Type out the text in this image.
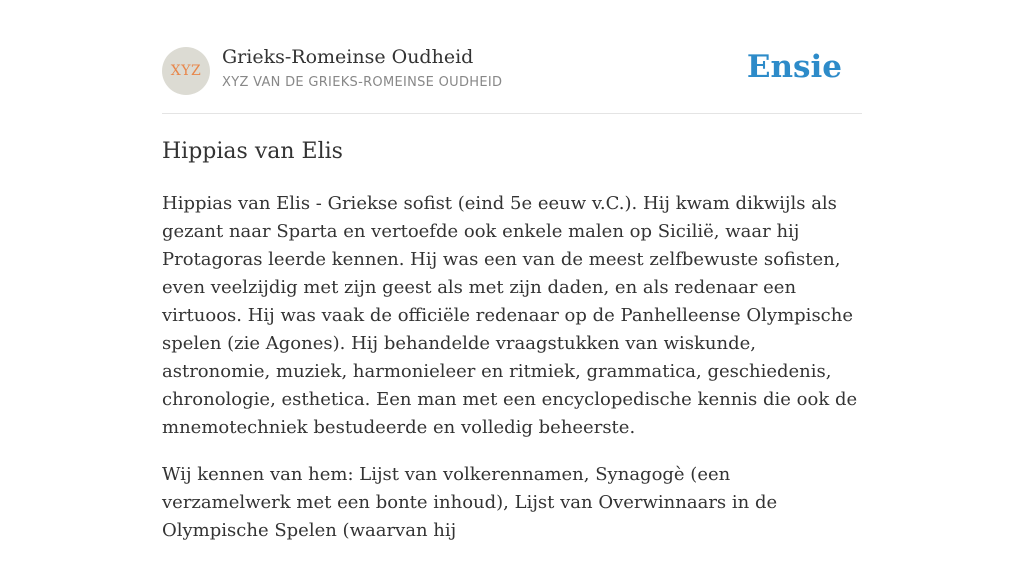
XYZ
Grieks-Romeinse Oudheid
XYZ VAN DE GRIEKS-ROMEINSE OUDHEID	Ensie
Hippias van Elis

Hippias van Elis - Griekse sofist (eind 5e eeuw v.C.). Hij kwam dikwijls als gezant naar Sparta en vertoefde ook enkele malen op Sicilië, waar hij Protagoras leerde kennen. Hij was een van de meest zelfbewuste sofisten, even veelzijdig met zijn geest als met zijn daden, en als redenaar een virtuoos. Hij was vaak de officiële redenaar op de Panhelleense Olympische spelen (zie Agones). Hij behandelde vraagstukken van wiskunde, astronomie, muziek, harmonieleer en ritmiek, grammatica, geschiedenis, chronologie, esthetica. Een man met een encyclopedische kennis die ook de mnemotechniek bestudeerde en volledig beheerste.

Wij kennen van hem: Lijst van volkerennamen, Synagogè (een verzamelwerk met een bonte inhoud), Lijst van Overwinnaars in de Olympische Spelen (waarvan hij
